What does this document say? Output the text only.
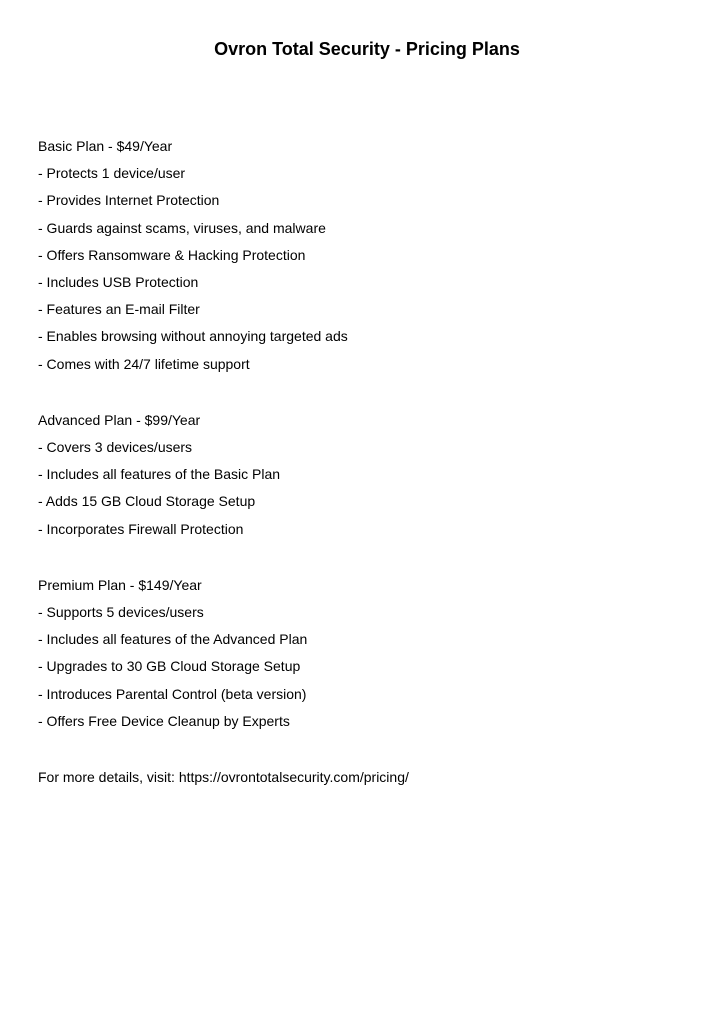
Ovron Total Security - Pricing Plans
Basic Plan - $49/Year
- Protects 1 device/user
- Provides Internet Protection
- Guards against scams, viruses, and malware
- Offers Ransomware & Hacking Protection
- Includes USB Protection
- Features an E-mail Filter
- Enables browsing without annoying targeted ads
- Comes with 24/7 lifetime support
Advanced Plan - $99/Year
- Covers 3 devices/users
- Includes all features of the Basic Plan
- Adds 15 GB Cloud Storage Setup
- Incorporates Firewall Protection
Premium Plan - $149/Year
- Supports 5 devices/users
- Includes all features of the Advanced Plan
- Upgrades to 30 GB Cloud Storage Setup
- Introduces Parental Control (beta version)
- Offers Free Device Cleanup by Experts
For more details, visit: https://ovrontotalsecurity.com/pricing/
